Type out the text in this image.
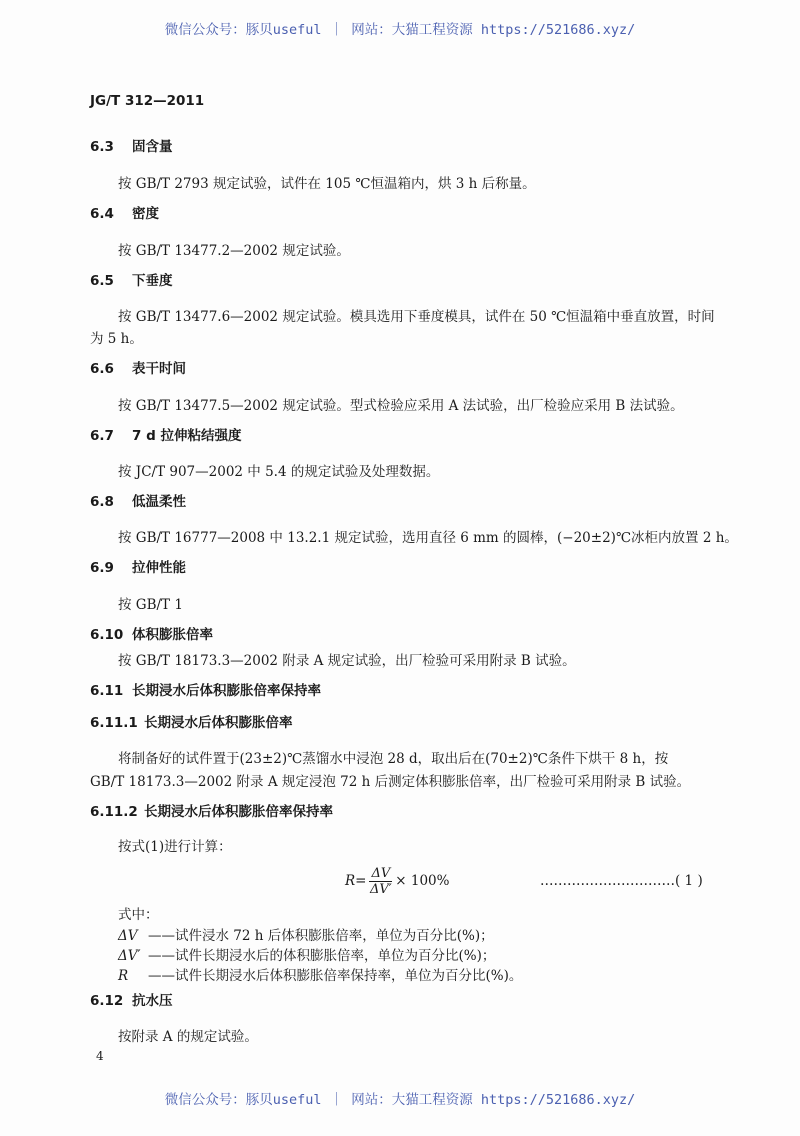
微信公众号：豚贝useful ｜ 网站：大猫工程资源 https://521686.xyz/
JG/T 312—2011
6.3 固含量
按 GB/T 2793 规定试验，试件在 105 ℃恒温箱内，烘 3 h 后称量。
6.4 密度
按 GB/T 13477.2—2002 规定试验。
6.5 下垂度
按 GB/T 13477.6—2002 规定试验。模具选用下垂度模具，试件在 50 ℃恒温箱中垂直放置，时间
为 5 h。
6.6 表干时间
按 GB/T 13477.5—2002 规定试验。型式检验应采用 A 法试验，出厂检验应采用 B 法试验。
6.7 7 d 拉伸粘结强度
按 JC/T 907—2002 中 5.4 的规定试验及处理数据。
6.8 低温柔性
按 GB/T 16777—2008 中 13.2.1 规定试验，选用直径 6 mm 的圆棒，(−20±2)℃冰柜内放置 2 h。
6.9 拉伸性能
按 GB/T 1
6.10 体积膨胀倍率
按 GB/T 18173.3—2002 附录 A 规定试验，出厂检验可采用附录 B 试验。
6.11 长期浸水后体积膨胀倍率保持率
6.11.1 长期浸水后体积膨胀倍率
将制备好的试件置于(23±2)℃蒸馏水中浸泡 28 d，取出后在(70±2)℃条件下烘干 8 h，按
GB/T 18173.3—2002 附录 A 规定浸泡 72 h 后测定体积膨胀倍率，出厂检验可采用附录 B 试验。
6.11.2 长期浸水后体积膨胀倍率保持率
按式(1)进行计算：
$R= \frac{\Delta V}{\Delta V'} \times 100\%$	…………………………( 1 )
式中：
ΔV ——试件浸水 72 h 后体积膨胀倍率，单位为百分比(%)；
ΔV′ ——试件长期浸水后的体积膨胀倍率，单位为百分比(%)；
R ——试件长期浸水后体积膨胀倍率保持率，单位为百分比(%)。
6.12 抗水压
按附录 A 的规定试验。
4
微信公众号：豚贝useful ｜ 网站：大猫工程资源 https://521686.xyz/
